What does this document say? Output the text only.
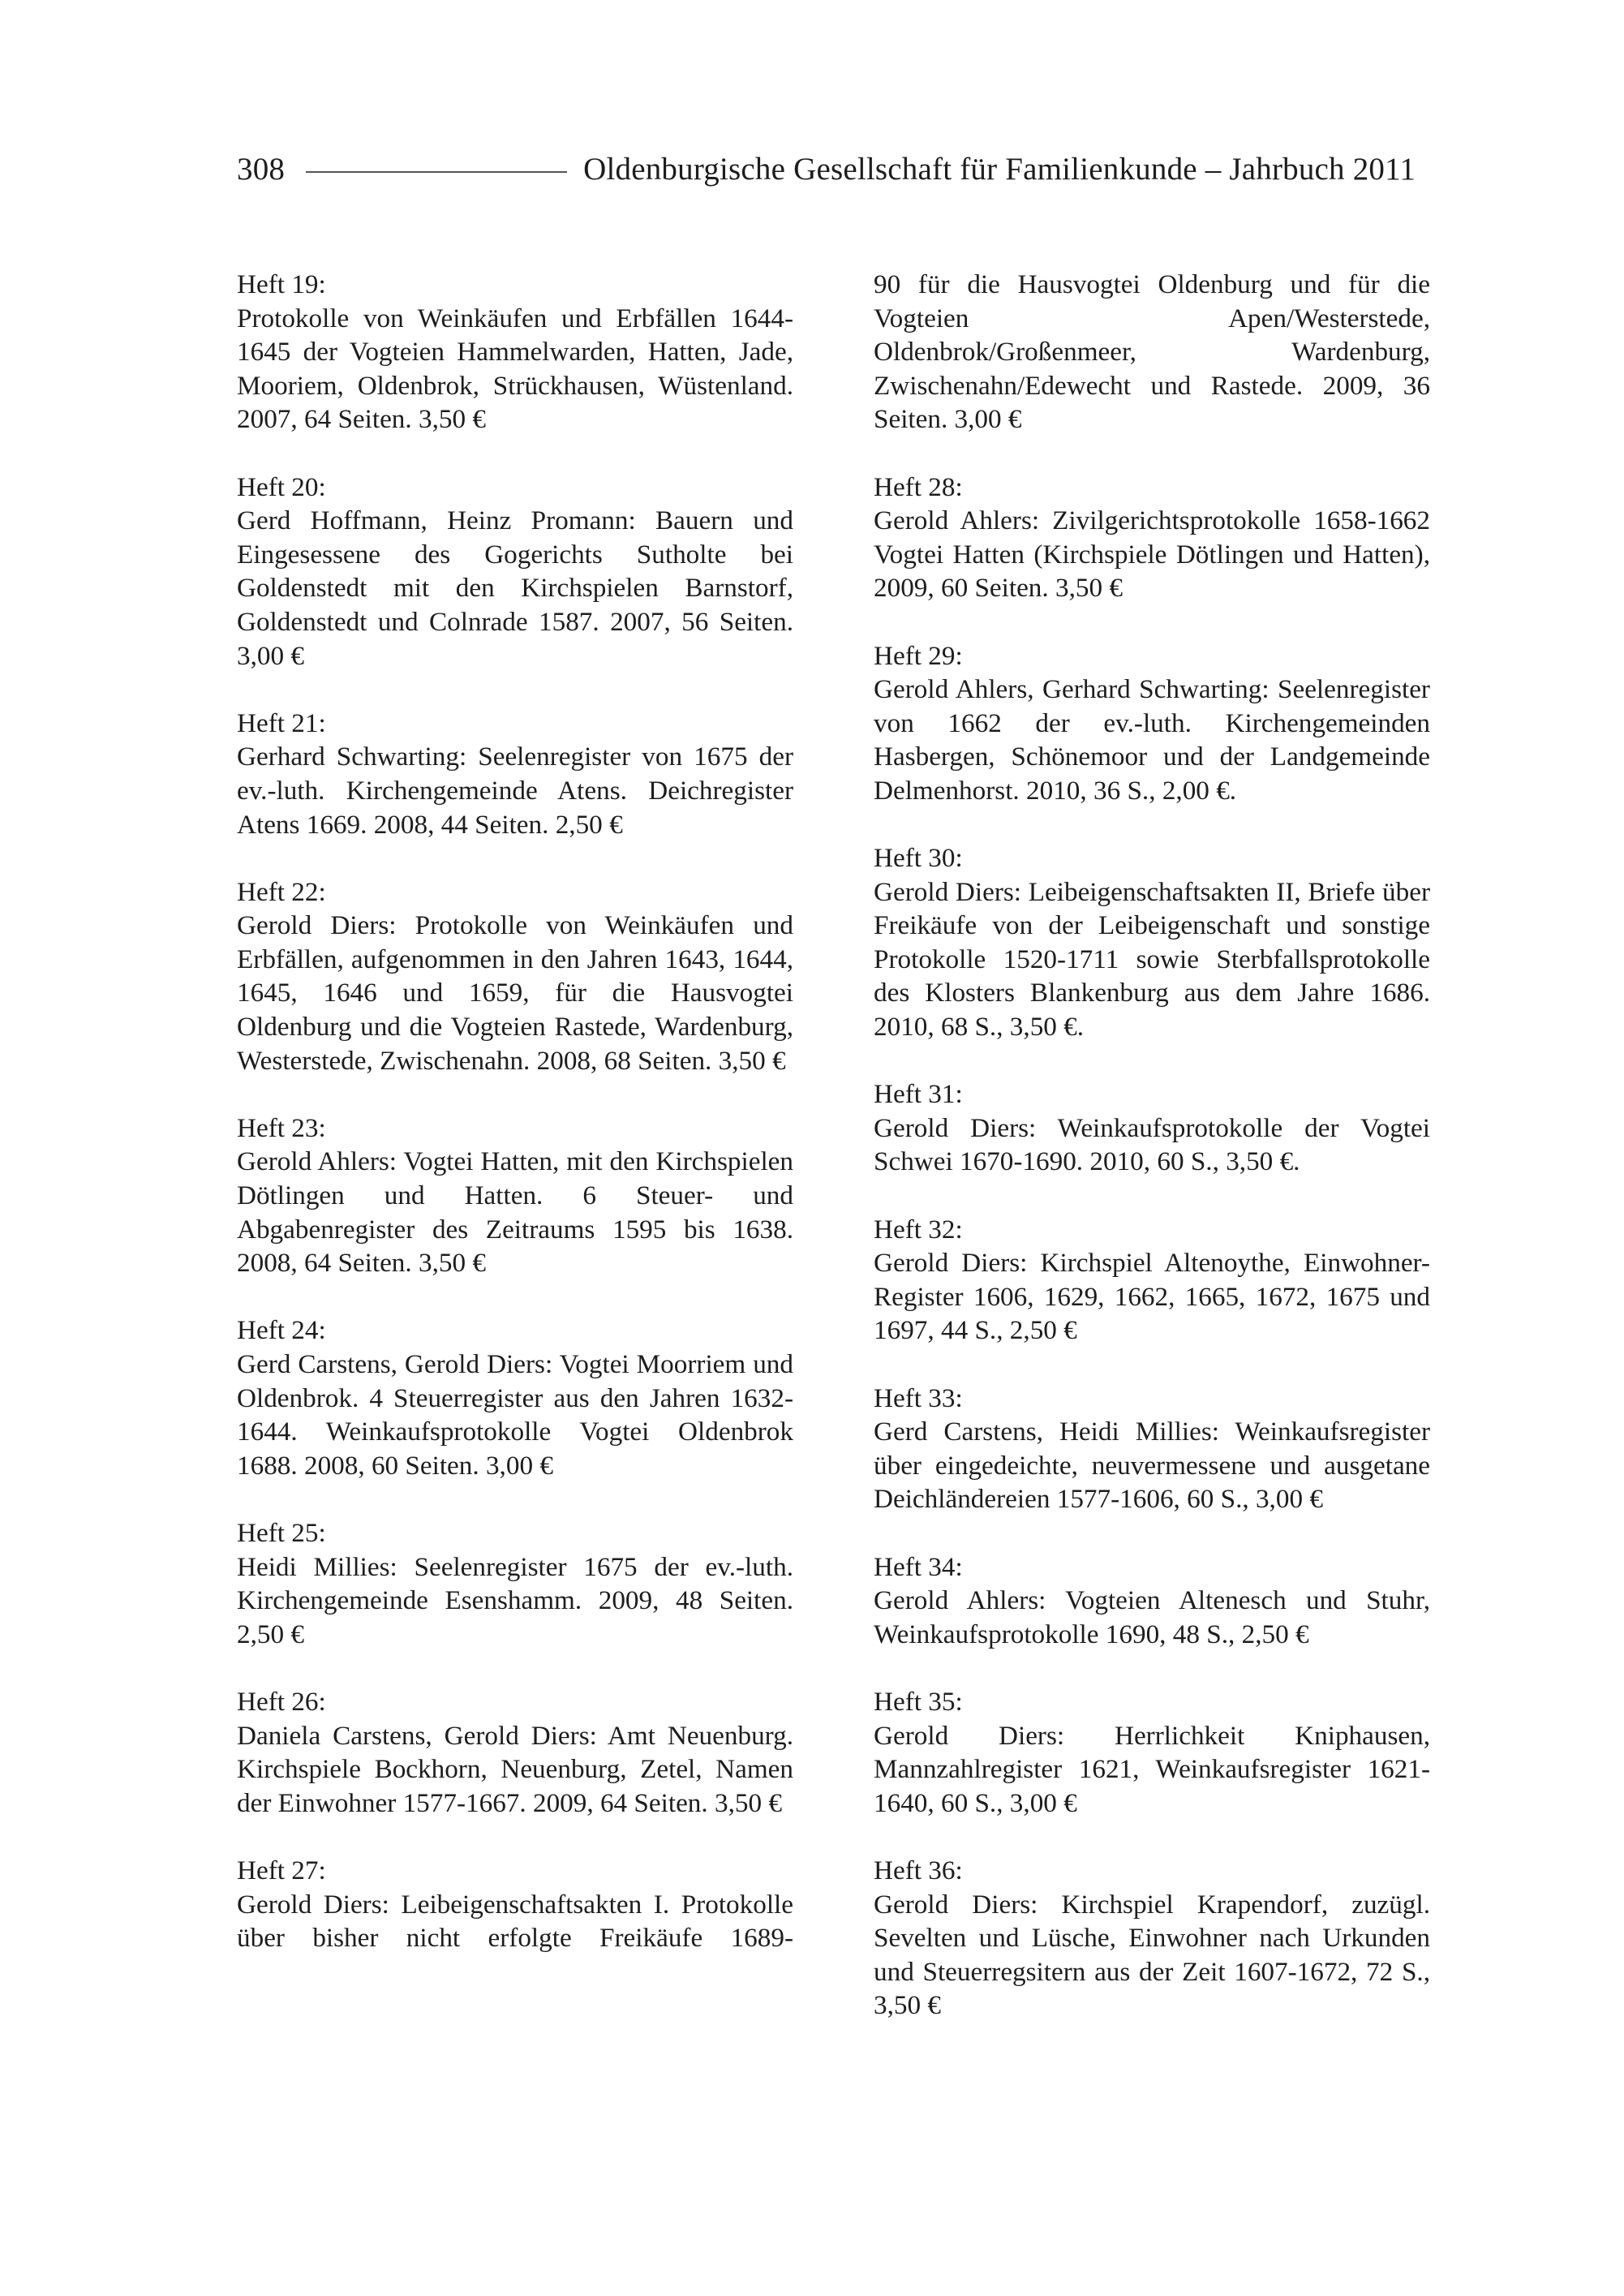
308	Oldenburgische Gesellschaft für Familienkunde – Jahrbuch 2011
Heft 19:
Protokolle von Weinkäufen und Erbfällen 1644-1645 der Vogteien Hammelwarden, Hatten, Jade, Mooriem, Oldenbrok, Strückhausen, Wüstenland. 2007, 64 Seiten. 3,50 €
Heft 20:
Gerd Hoffmann, Heinz Promann: Bauern und Eingesessene des Gogerichts Sutholte bei Goldenstedt mit den Kirchspielen Barnstorf, Goldenstedt und Colnrade 1587. 2007, 56 Seiten. 3,00 €
Heft 21:
Gerhard Schwarting: Seelenregister von 1675 der ev.-luth. Kirchengemeinde Atens. Deichregister Atens 1669. 2008, 44 Seiten. 2,50 €
Heft 22:
Gerold Diers: Protokolle von Weinkäufen und Erbfällen, aufgenommen in den Jahren 1643, 1644, 1645, 1646 und 1659, für die Hausvogtei Oldenburg und die Vogteien Rastede, Wardenburg, Westerstede, Zwischenahn. 2008, 68 Seiten. 3,50 €
Heft 23:
Gerold Ahlers: Vogtei Hatten, mit den Kirchspielen Dötlingen und Hatten. 6 Steuer- und Abgabenregister des Zeitraums 1595 bis 1638. 2008, 64 Seiten. 3,50 €
Heft 24:
Gerd Carstens, Gerold Diers: Vogtei Moorriem und Oldenbrok. 4 Steuerregister aus den Jahren 1632-1644. Weinkaufsprotokolle Vogtei Oldenbrok 1688. 2008, 60 Seiten. 3,00 €
Heft 25:
Heidi Millies: Seelenregister 1675 der ev.-luth. Kirchengemeinde Esenshamm. 2009, 48 Seiten. 2,50 €
Heft 26:
Daniela Carstens, Gerold Diers: Amt Neuenburg. Kirchspiele Bockhorn, Neuenburg, Zetel, Namen der Einwohner 1577-1667. 2009, 64 Seiten. 3,50 €
Heft 27:
Gerold Diers: Leibeigenschaftsakten I. Protokolle über bisher nicht erfolgte Freikäufe 1689-
90 für die Hausvogtei Oldenburg und für die Vogteien Apen/Westerstede, Oldenbrok/Großenmeer, Wardenburg, Zwischenahn/Edewecht und Rastede. 2009, 36 Seiten. 3,00 €
Heft 28:
Gerold Ahlers: Zivilgerichtsprotokolle 1658-1662 Vogtei Hatten (Kirchspiele Dötlingen und Hatten), 2009, 60 Seiten. 3,50 €
Heft 29:
Gerold Ahlers, Gerhard Schwarting: Seelenregister von 1662 der ev.-luth. Kirchengemeinden Hasbergen, Schönemoor und der Landgemeinde Delmenhorst. 2010, 36 S., 2,00 €.
Heft 30:
Gerold Diers: Leibeigenschaftsakten II, Briefe über Freikäufe von der Leibeigenschaft und sonstige Protokolle 1520-1711 sowie Sterbfallsprotokolle des Klosters Blankenburg aus dem Jahre 1686. 2010, 68 S., 3,50 €.
Heft 31:
Gerold Diers: Weinkaufsprotokolle der Vogtei Schwei 1670-1690. 2010, 60 S., 3,50 €.
Heft 32:
Gerold Diers: Kirchspiel Altenoythe, Einwohner-Register 1606, 1629, 1662, 1665, 1672, 1675 und 1697, 44 S., 2,50 €
Heft 33:
Gerd Carstens, Heidi Millies: Weinkaufsregister über eingedeichte, neuvermessene und ausgetane Deichländereien 1577-1606, 60 S., 3,00 €
Heft 34:
Gerold Ahlers: Vogteien Altenesch und Stuhr, Weinkaufsprotokolle 1690, 48 S., 2,50 €
Heft 35:
Gerold Diers: Herrlichkeit Kniphausen, Mannzahlregister 1621, Weinkaufsregister 1621-1640, 60 S., 3,00 €
Heft 36:
Gerold Diers: Kirchspiel Krapendorf, zuzügl. Sevelten und Lüsche, Einwohner nach Urkunden und Steuerregsitern aus der Zeit 1607-1672, 72 S., 3,50 €
